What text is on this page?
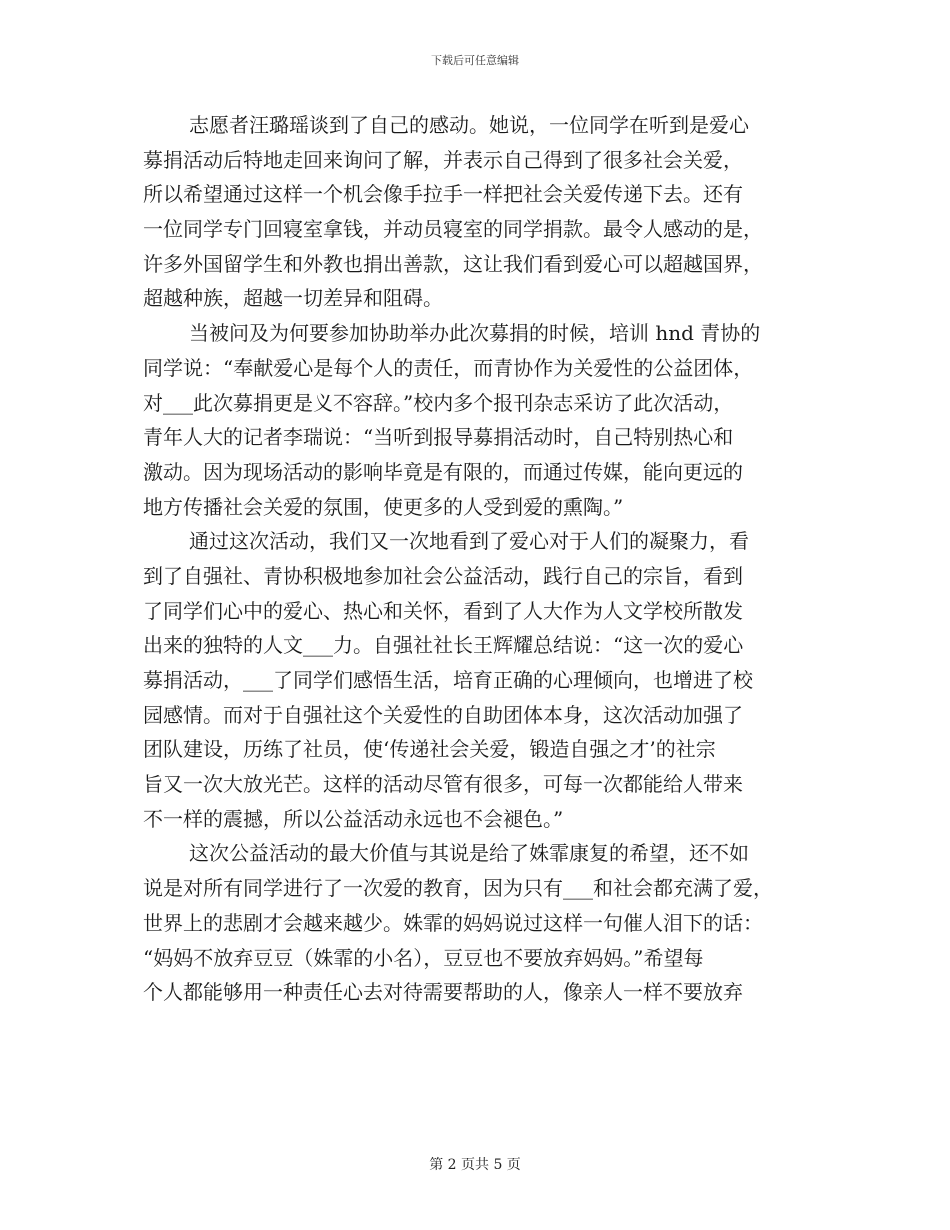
下载后可任意编辑
志愿者汪璐瑶谈到了自己的感动。她说，一位同学在听到是爱心
募捐活动后特地走回来询问了解，并表示自己得到了很多社会关爱，
所以希望通过这样一个机会像手拉手一样把社会关爱传递下去。还有
一位同学专门回寝室拿钱，并动员寝室的同学捐款。最令人感动的是，
许多外国留学生和外教也捐出善款，这让我们看到爱心可以超越国界，
超越种族，超越一切差异和阻碍。
当被问及为何要参加协助举办此次募捐的时候，培训 hnd 青协的
同学说：“奉献爱心是每个人的责任，而青协作为关爱性的公益团体，
对___此次募捐更是义不容辞。”校内多个报刊杂志采访了此次活动，
青年人大的记者李瑞说：“当听到报导募捐活动时，自己特别热心和
激动。因为现场活动的影响毕竟是有限的，而通过传媒，能向更远的
地方传播社会关爱的氛围，使更多的人受到爱的熏陶。”
通过这次活动，我们又一次地看到了爱心对于人们的凝聚力，看
到了自强社、青协积极地参加社会公益活动，践行自己的宗旨，看到
了同学们心中的爱心、热心和关怀，看到了人大作为人文学校所散发
出来的独特的人文___力。自强社社长王辉耀总结说：“这一次的爱心
募捐活动，___了同学们感悟生活，培育正确的心理倾向，也增进了校
园感情。而对于自强社这个关爱性的自助团体本身，这次活动加强了
团队建设，历练了社员，使‘传递社会关爱，锻造自强之才’的社宗
旨又一次大放光芒。这样的活动尽管有很多，可每一次都能给人带来
不一样的震撼，所以公益活动永远也不会褪色。”
这次公益活动的最大价值与其说是给了姝霏康复的希望，还不如
说是对所有同学进行了一次爱的教育，因为只有___和社会都充满了爱，
世界上的悲剧才会越来越少。姝霏的妈妈说过这样一句催人泪下的话：
“妈妈不放弃豆豆（姝霏的小名），豆豆也不要放弃妈妈。”希望每
个人都能够用一种责任心去对待需要帮助的人，像亲人一样不要放弃
第 2 页共 5 页
